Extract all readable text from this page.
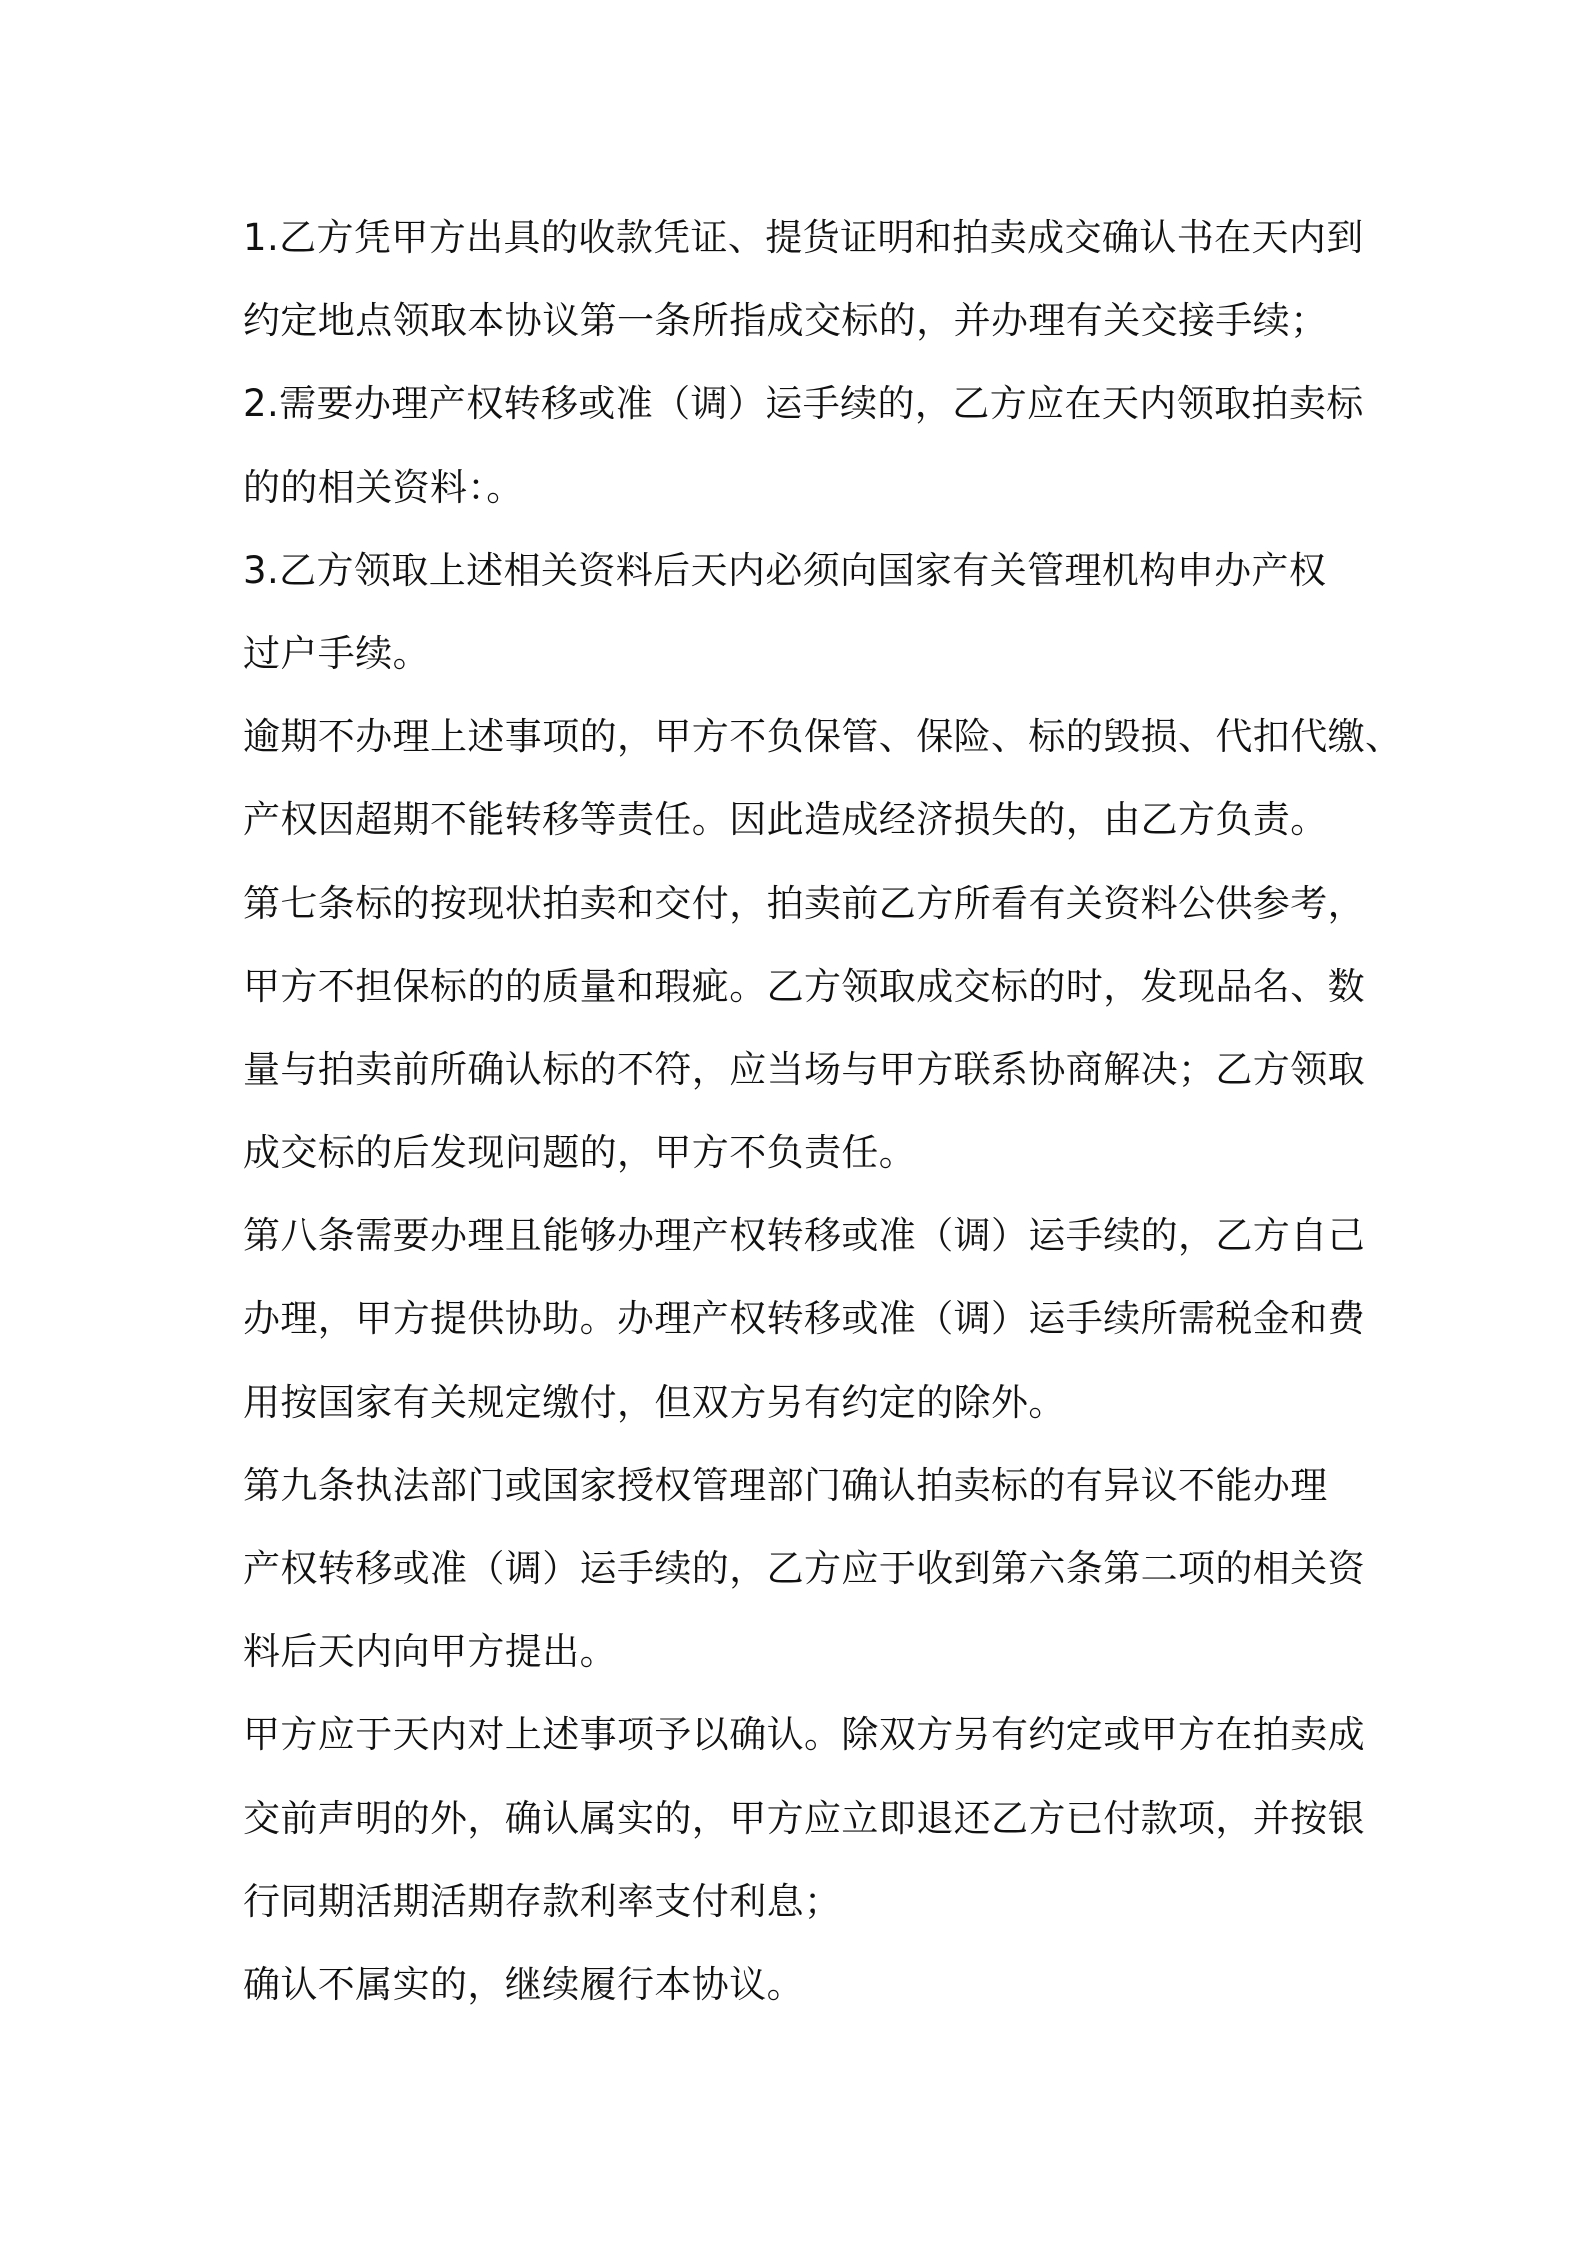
1.乙方凭甲方出具的收款凭证、提货证明和拍卖成交确认书在天内到
约定地点领取本协议第一条所指成交标的，并办理有关交接手续；
2.需要办理产权转移或准（调）运手续的，乙方应在天内领取拍卖标
的的相关资料：。
3.乙方领取上述相关资料后天内必须向国家有关管理机构申办产权
过户手续。
逾期不办理上述事项的，甲方不负保管、保险、标的毁损、代扣代缴、
产权因超期不能转移等责任。因此造成经济损失的，由乙方负责。
第七条标的按现状拍卖和交付，拍卖前乙方所看有关资料公供参考，
甲方不担保标的的质量和瑕疵。乙方领取成交标的时，发现品名、数
量与拍卖前所确认标的不符，应当场与甲方联系协商解决；乙方领取
成交标的后发现问题的，甲方不负责任。
第八条需要办理且能够办理产权转移或准（调）运手续的，乙方自己
办理，甲方提供协助。办理产权转移或准（调）运手续所需税金和费
用按国家有关规定缴付，但双方另有约定的除外。
第九条执法部门或国家授权管理部门确认拍卖标的有异议不能办理
产权转移或准（调）运手续的，乙方应于收到第六条第二项的相关资
料后天内向甲方提出。
甲方应于天内对上述事项予以确认。除双方另有约定或甲方在拍卖成
交前声明的外，确认属实的，甲方应立即退还乙方已付款项，并按银
行同期活期活期存款利率支付利息；
确认不属实的，继续履行本协议。
